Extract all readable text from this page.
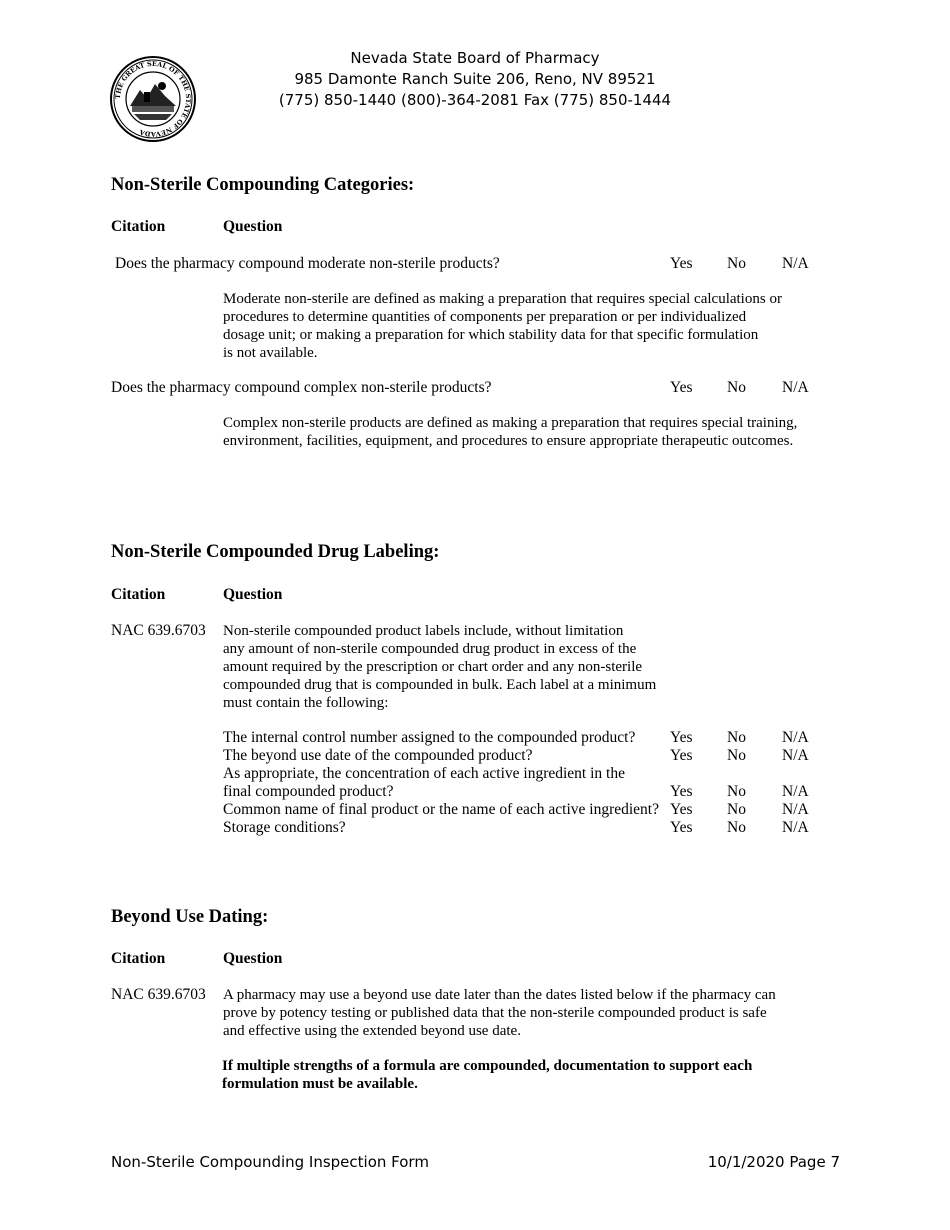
THE GREAT SEAL OF THE STATE OF NEVADA
Nevada State Board of Pharmacy
985 Damonte Ranch Suite 206, Reno, NV 89521
(775) 850-1440 (800)-364-2081 Fax (775) 850-1444
Non-Sterile Compounding Categories:
Citation	Question
Does the pharmacy compound moderate non-sterile products?	Yes No N/A
Moderate non-sterile are defined as making a preparation that requires special calculations or
procedures to determine quantities of components per preparation or per individualized
dosage unit; or making a preparation for which stability data for that specific formulation
is not available.
Does the pharmacy compound complex non-sterile products?	Yes No N/A
Complex non-sterile products are defined as making a preparation that requires special training,
environment, facilities, equipment, and procedures to ensure appropriate therapeutic outcomes.
Non-Sterile Compounded Drug Labeling:
Citation	Question
NAC 639.6703 Non-sterile compounded product labels include, without limitation
any amount of non-sterile compounded drug product in excess of the
amount required by the prescription or chart order and any non-sterile
compounded drug that is compounded in bulk. Each label at a minimum
must contain the following:
The internal control number assigned to the compounded product? Yes No N/A
The beyond use date of the compounded product?	Yes No N/A
As appropriate, the concentration of each active ingredient in the
final compounded product?	Yes No N/A
Common name of final product or the name of each active ingredient? Yes No N/A
Storage conditions?	Yes No N/A
Beyond Use Dating:
Citation	Question
NAC 639.6703 A pharmacy may use a beyond use date later than the dates listed below if the pharmacy can
prove by potency testing or published data that the non-sterile compounded product is safe
and effective using the extended beyond use date.
If multiple strengths of a formula are compounded, documentation to support each
formulation must be available.
Non-Sterile Compounding Inspection Form	10/1/2020 Page 7
